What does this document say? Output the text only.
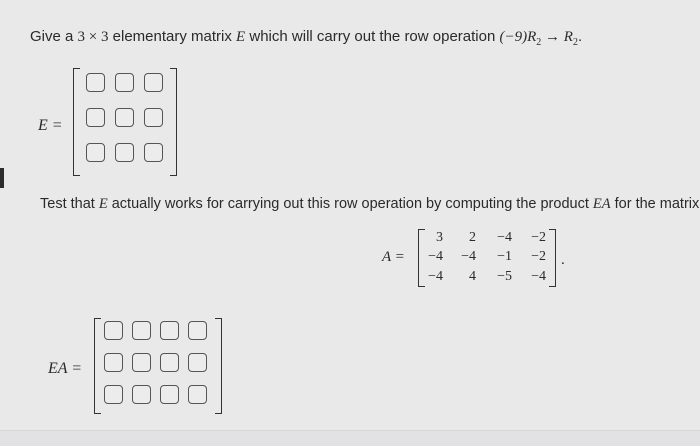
Give a 3 × 3 elementary matrix E which will carry out the row operation $(-9)R_2 \to R_2$.
E =
Test that E actually works for carrying out this row operation by computing the product EA for the matrix
A =
3	2	−4	−2
−4	−4	−1	−2
−4	4	−5	−4
.
EA =
